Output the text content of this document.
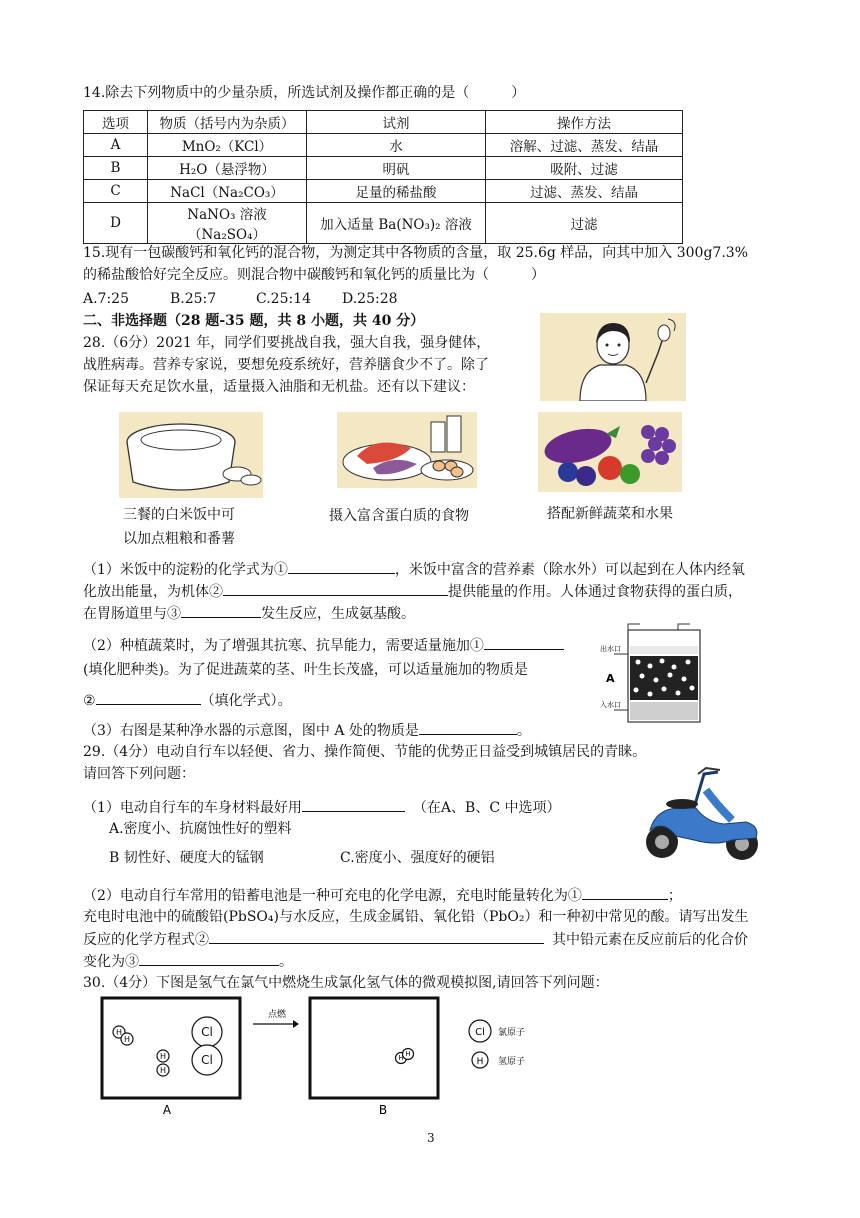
14.除去下列物质中的少量杂质，所选试剂及操作都正确的是（　　　）
选项	物质（括号内为杂质）	试剂	操作方法
A	MnO₂（KCl）	水	溶解、过滤、蒸发、结晶
B	H₂O（悬浮物）	明矾	吸附、过滤
C	NaCl（Na₂CO₃）	足量的稀盐酸	过滤、蒸发、结晶
D	NaNO₃ 溶液（Na₂SO₄）	加入适量 Ba(NO₃)₂ 溶液	过滤
15.现有一包碳酸钙和氧化钙的混合物，为测定其中各物质的含量，取 25.6g 样品，向其中加入 300g7.3%
的稀盐酸恰好完全反应。则混合物中碳酸钙和氧化钙的质量比为（　　　）
A.7:25	B.25:7	C.25:14 D.25:28
二、非选择题（28 题-35 题，共 8 小题，共 40 分）
28.（6分）2021 年，同学们要挑战自我，强大自我，强身健体，
战胜病毒。营养专家说，要想免疫系统好，营养膳食少不了。除了
保证每天充足饮水量，适量摄入油脂和无机盐。还有以下建议：
三餐的白米饭中可
以加点粗粮和番薯
摄入富含蛋白质的食物	搭配新鲜蔬菜和水果
（1）米饭中的淀粉的化学式为①	，米饭中富含的营养素（除水外）可以起到在人体内经氧
化放出能量，为机体②	提供能量的作用。人体通过食物获得的蛋白质，
在胃肠道里与③	发生反应，生成氨基酸。
（2）种植蔬菜时，为了增强其抗寒、抗旱能力，需要适量施加①
(填化肥种类)。为了促进蔬菜的茎、叶生长茂盛，可以适量施加的物质是
②	（填化学式）。
（3）右图是某种净水器的示意图，图中 A 处的物质是	。
出水口
入水口
A
29.（4分）电动自行车以轻便、省力、操作简便、节能的优势正日益受到城镇居民的青睐。
请回答下列问题：
（1）电动自行车的车身材料最好用	（在A、B、C 中选项）
A.密度小、抗腐蚀性好的塑料
B 韧性好、硬度大的锰钢	C.密度小、强度好的硬铝
（2）电动自行车常用的铅蓄电池是一种可充电的化学电源，充电时能量转化为①	；
充电时电池中的硫酸铅(PbSO₄)与水反应，生成金属铅、氧化铅（PbO₂）和一种初中常见的酸。请写出发生
反应的化学方程式②	其中铅元素在反应前后的化合价
变化为③	。
30.（4分）下图是氢气在氯气中燃烧生成氯化氢气体的微观模拟图,请回答下列问题：
H
H
H
H
Cl
Cl
点燃
H H
A	B
Cl 氯原子
H 氢原子
3
